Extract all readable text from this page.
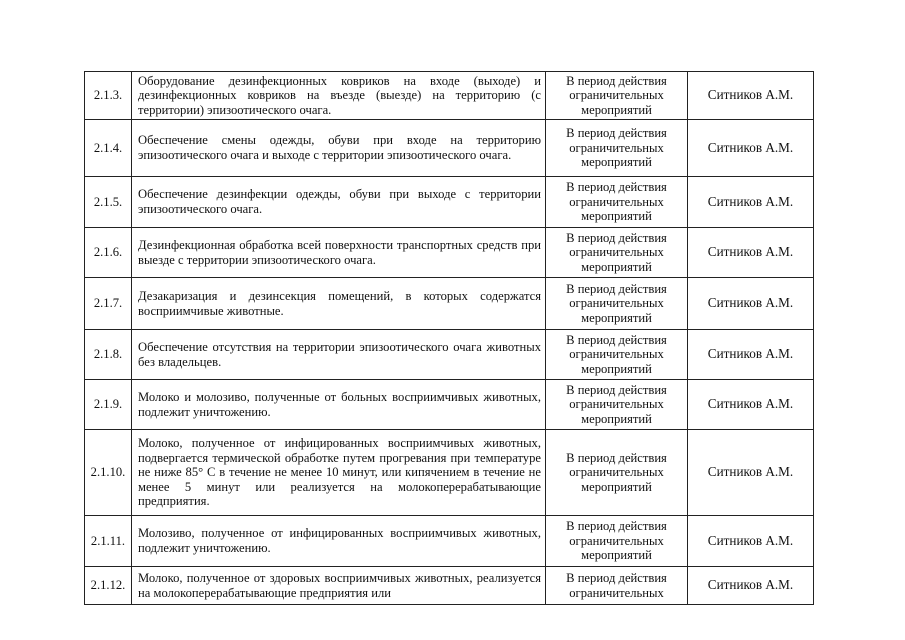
2.1.3.	Оборудование дезинфекционных ковриков на входе (выходе) и дезинфекционных ковриков на въезде (выезде) на территорию (с территории) эпизоотического очага.	В период действия ограничительных мероприятий	Ситников А.М.
2.1.4.	Обеспечение смены одежды, обуви при входе на территорию эпизоотического очага и выходе с территории эпизоотического очага.	В период действия ограничительных мероприятий	Ситников А.М.
2.1.5.	Обеспечение дезинфекции одежды, обуви при выходе с территории эпизоотического очага.	В период действия ограничительных мероприятий	Ситников А.М.
2.1.6.	Дезинфекционная обработка всей поверхности транспортных средств при выезде с территории эпизоотического очага.	В период действия ограничительных мероприятий	Ситников А.М.
2.1.7.	Дезакаризация и дезинсекция помещений, в которых содержатся восприимчивые животные.	В период действия ограничительных мероприятий	Ситников А.М.
2.1.8.	Обеспечение отсутствия на территории эпизоотического очага животных без владельцев.	В период действия ограничительных мероприятий	Ситников А.М.
2.1.9.	Молоко и молозиво, полученные от больных восприимчивых животных, подлежит уничтожению.	В период действия ограничительных мероприятий	Ситников А.М.
2.1.10.	Молоко, полученное от инфицированных восприимчивых животных, подвергается термической обработке путем прогревания при температуре не ниже 85° С в течение не менее 10 минут, или кипячением в течение не менее 5 минут или реализуется на молокоперерабатывающие предприятия.	В период действия ограничительных мероприятий	Ситников А.М.
2.1.11.	Молозиво, полученное от инфицированных восприимчивых животных, подлежит уничтожению.	В период действия ограничительных мероприятий	Ситников А.М.
2.1.12.	Молоко, полученное от здоровых восприимчивых животных, реализуется на молокоперерабатывающие предприятия или	В период действия ограничительных	Ситников А.М.
